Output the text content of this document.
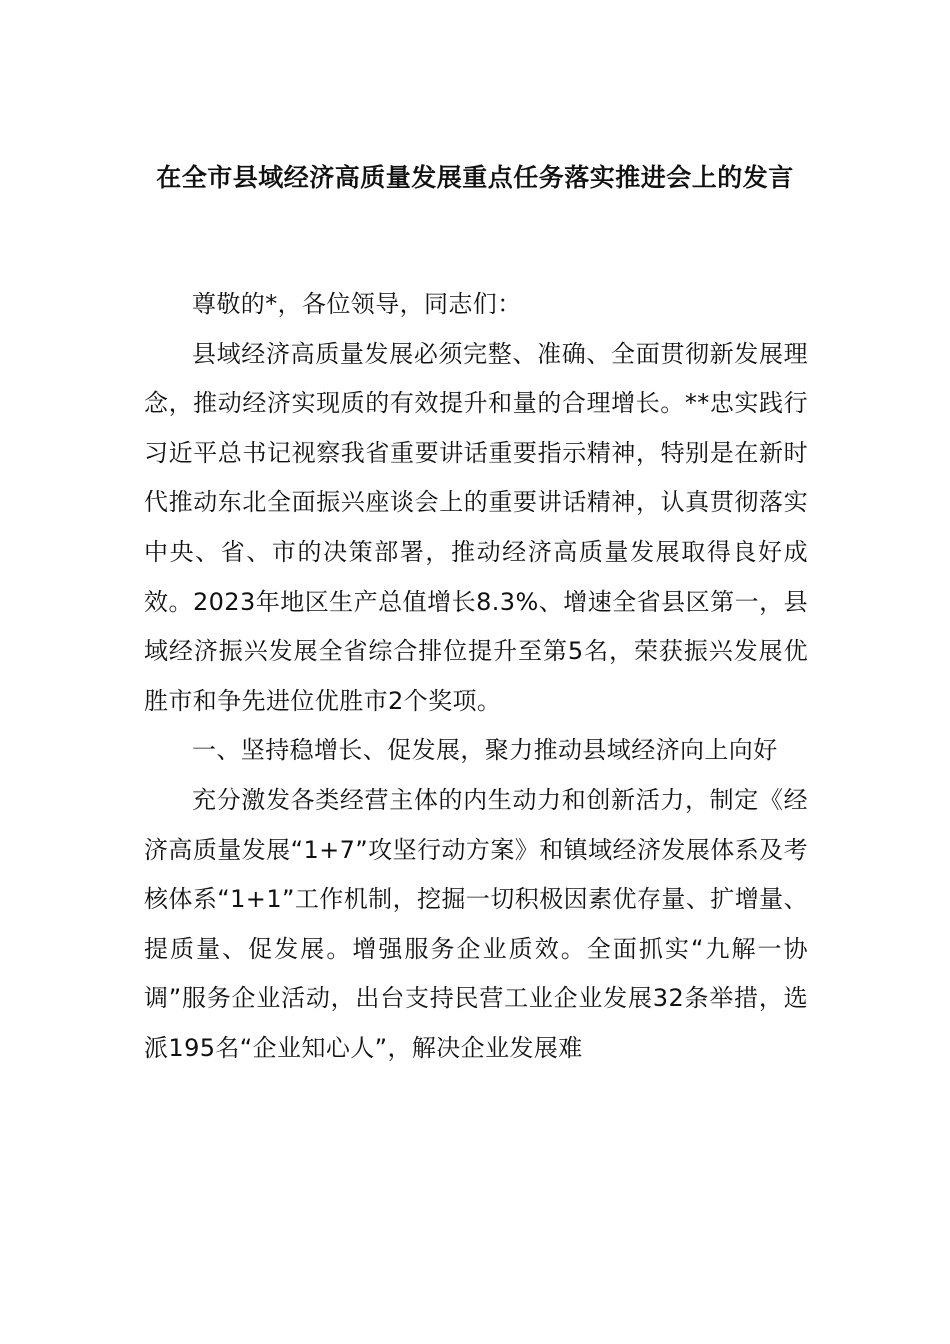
在全市县域经济高质量发展重点任务落实推进会上的发言

尊敬的*，各位领导，同志们：

县域经济高质量发展必须完整、准确、全面贯彻新发展理念，推动经济实现质的有效提升和量的合理增长。**忠实践行习近平总书记视察我省重要讲话重要指示精神，特别是在新时代推动东北全面振兴座谈会上的重要讲话精神，认真贯彻落实中央、省、市的决策部署，推动经济高质量发展取得良好成效。2023年地区生产总值增长8.3%、增速全省县区第一，县域经济振兴发展全省综合排位提升至第5名，荣获振兴发展优胜市和争先进位优胜市2个奖项。

一、坚持稳增长、促发展，聚力推动县域经济向上向好

充分激发各类经营主体的内生动力和创新活力，制定《经济高质量发展“1+7”攻坚行动方案》和镇域经济发展体系及考核体系“1+1”工作机制，挖掘一切积极因素优存量、扩增量、提质量、促发展。增强服务企业质效。全面抓实“九解一协调”服务企业活动，出台支持民营工业企业发展32条举措，选派195名“企业知心人”，解决企业发展难
